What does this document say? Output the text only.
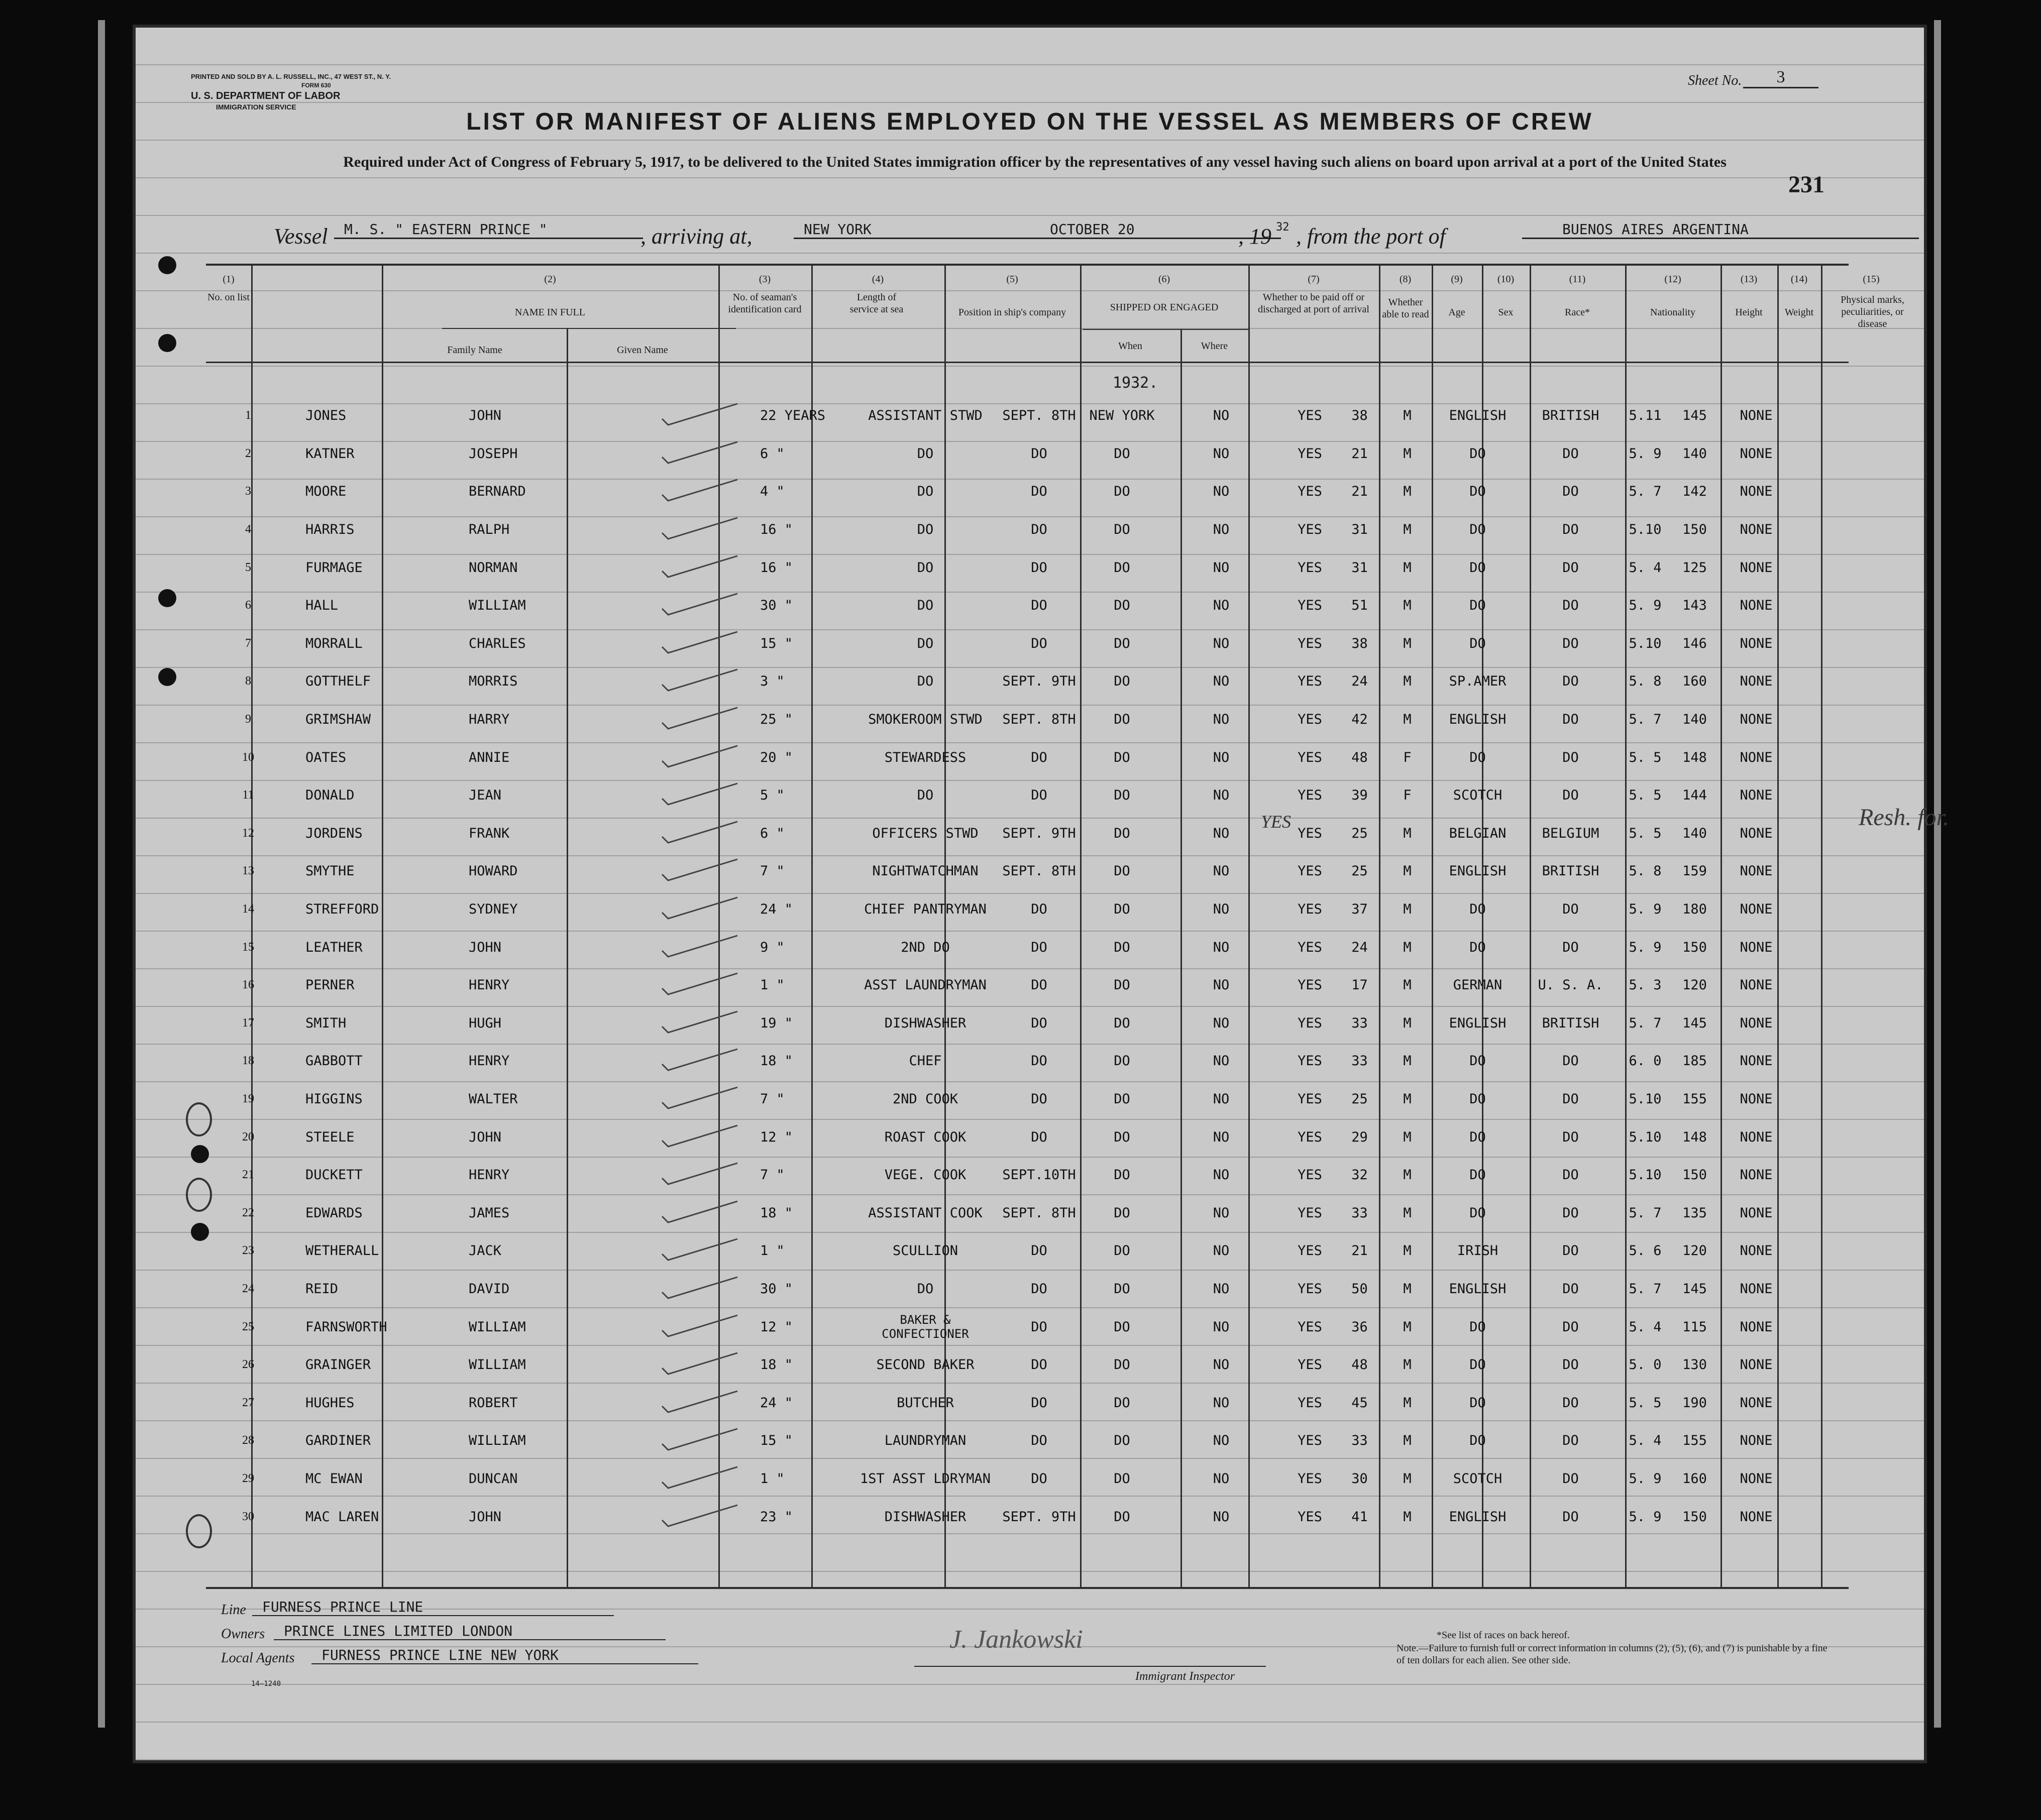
PRINTED AND SOLD BY A. L. RUSSELL, INC., 47 WEST ST., N. Y.
FORM 630
U. S. DEPARTMENT OF LABOR
IMMIGRATION SERVICE
Sheet No.	3
LIST OR MANIFEST OF ALIENS EMPLOYED ON THE VESSEL AS MEMBERS OF CREW
Required under Act of Congress of February 5, 1917, to be delivered to the United States immigration officer by the representatives of any vessel having such aliens on board upon arrival at a port of the United States
231
Vessel	M. S. " EASTERN PRINCE "	, arriving at,	NEW YORK	OCTOBER 20	, 19 32 , from the port of	BUENOS AIRES ARGENTINA
(1)	(2)	(3)	(4)	(5)	(6)	(7)	(8)	(9)	(10)	(11)	(12)	(13)	(14)	(15)
No. on list
NAME IN FULL
Family Name	Given Name
No. of seaman's identification card
Length of service at sea	Position in ship's company	SHIPPED OR ENGAGED
When	Where
Whether to be paid off or discharged at port of arrival
Whether able to read	Age	Sex	Race*	Nationality	Height	Weight
Physical marks, peculiarities, or disease
1932.
1	JONES	JOHN		22 YEARS	ASSISTANT STWD	SEPT. 8TH	NEW YORK	NO	YES	38	M	ENGLISH	BRITISH	5.11	145	NONE
2	KATNER	JOSEPH		6 "	DO	DO	DO	NO	YES	21	M	DO	DO	5. 9	140	NONE
3	MOORE	BERNARD		4 "	DO	DO	DO	NO	YES	21	M	DO	DO	5. 7	142	NONE
4	HARRIS	RALPH		16 "	DO	DO	DO	NO	YES	31	M	DO	DO	5.10	150	NONE
5	FURMAGE	NORMAN		16 "	DO	DO	DO	NO	YES	31	M	DO	DO	5. 4	125	NONE
6	HALL	WILLIAM		30 "	DO	DO	DO	NO	YES	51	M	DO	DO	5. 9	143	NONE
7	MORRALL	CHARLES		15 "	DO	DO	DO	NO	YES	38	M	DO	DO	5.10	146	NONE
8	GOTTHELF	MORRIS		3 "	DO	SEPT. 9TH	DO	NO	YES	24	M	SP.AMER	DO	5. 8	160	NONE
9	GRIMSHAW	HARRY		25 "	SMOKEROOM STWD	SEPT. 8TH	DO	NO	YES	42	M	ENGLISH	DO	5. 7	140	NONE
10	OATES	ANNIE		20 "	STEWARDESS	DO	DO	NO	YES	48	F	DO	DO	5. 5	148	NONE
11	DONALD	JEAN		5 "	DO	DO	DO	NO	YES	39	F	SCOTCH	DO	5. 5	144	NONE
12	JORDENS	FRANK		6 "	OFFICERS STWD	SEPT. 9TH	DO	NO	YES	25	M	BELGIAN	BELGIUM	5. 5	140	NONE
13	SMYTHE	HOWARD		7 "	NIGHTWATCHMAN	SEPT. 8TH	DO	NO	YES	25	M	ENGLISH	BRITISH	5. 8	159	NONE
14	STREFFORD	SYDNEY		24 "	CHIEF PANTRYMAN	DO	DO	NO	YES	37	M	DO	DO	5. 9	180	NONE
15	LEATHER	JOHN		9 "	2ND DO	DO	DO	NO	YES	24	M	DO	DO	5. 9	150	NONE
16	PERNER	HENRY		1 "	ASST LAUNDRYMAN	DO	DO	NO	YES	17	M	GERMAN	U. S. A.	5. 3	120	NONE
17	SMITH	HUGH		19 "	DISHWASHER	DO	DO	NO	YES	33	M	ENGLISH	BRITISH	5. 7	145	NONE
18	GABBOTT	HENRY		18 "	CHEF	DO	DO	NO	YES	33	M	DO	DO	6. 0	185	NONE
19	HIGGINS	WALTER		7 "	2ND COOK	DO	DO	NO	YES	25	M	DO	DO	5.10	155	NONE
20	STEELE	JOHN		12 "	ROAST COOK	DO	DO	NO	YES	29	M	DO	DO	5.10	148	NONE
21	DUCKETT	HENRY		7 "	VEGE. COOK	SEPT.10TH	DO	NO	YES	32	M	DO	DO	5.10	150	NONE
22	EDWARDS	JAMES		18 "	ASSISTANT COOK	SEPT. 8TH	DO	NO	YES	33	M	DO	DO	5. 7	135	NONE
23	WETHERALL	JACK		1 "	SCULLION	DO	DO	NO	YES	21	M	IRISH	DO	5. 6	120	NONE
24	REID	DAVID		30 "	DO	DO	DO	NO	YES	50	M	ENGLISH	DO	5. 7	145	NONE
25	FARNSWORTH	WILLIAM		12 "	BAKER & CONFECTIONER	DO	DO	NO	YES	36	M	DO	DO	5. 4	115	NONE
26	GRAINGER	WILLIAM		18 "	SECOND BAKER	DO	DO	NO	YES	48	M	DO	DO	5. 0	130	NONE
27	HUGHES	ROBERT		24 "	BUTCHER	DO	DO	NO	YES	45	M	DO	DO	5. 5	190	NONE
28	GARDINER	WILLIAM		15 "	LAUNDRYMAN	DO	DO	NO	YES	33	M	DO	DO	5. 4	155	NONE
29	MC EWAN	DUNCAN		1 "	1ST ASST LDRYMAN	DO	DO	NO	YES	30	M	SCOTCH	DO	5. 9	160	NONE
30	MAC LAREN	JOHN		23 "	DISHWASHER	SEPT. 9TH	DO	NO	YES	41	M	ENGLISH	DO	5. 9	150	NONE
YES	Resh. for.
Line	FURNESS PRINCE LINE
Owners	PRINCE LINES LIMITED LONDON
Local Agents	FURNESS PRINCE LINE NEW YORK
14—1240
J. Jankowski
Immigrant Inspector
*See list of races on back hereof.
Note.—Failure to furnish full or correct information in columns (2), (5), (6), and (7) is punishable by a fine of ten dollars for each alien. See other side.
